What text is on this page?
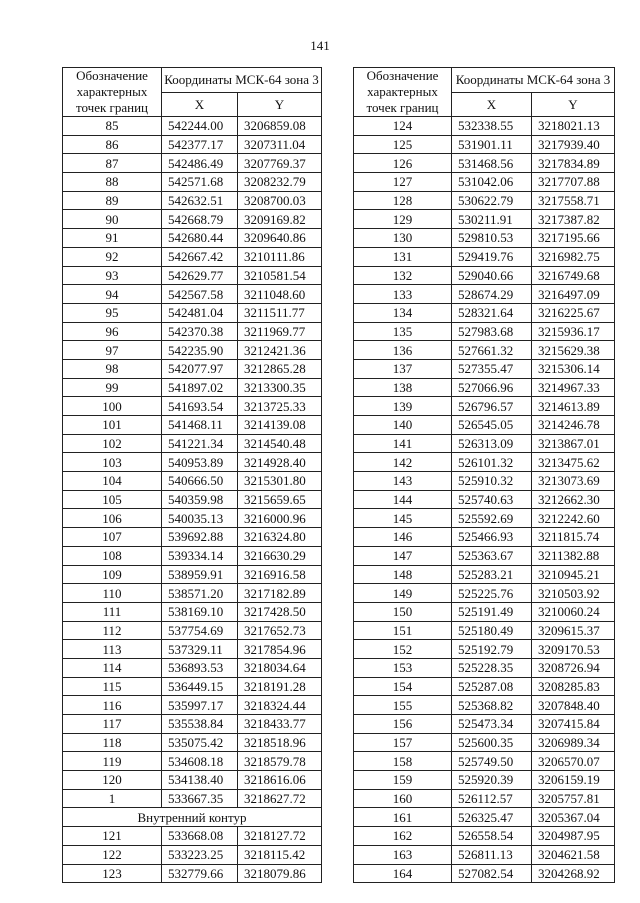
141
Обозначение характерных точек границ	Координаты МСК-64 зона 3	
	X	Y
85	542244.00	3206859.08
86	542377.17	3207311.04
87	542486.49	3207769.37
88	542571.68	3208232.79
89	542632.51	3208700.03
90	542668.79	3209169.82
91	542680.44	3209640.86
92	542667.42	3210111.86
93	542629.77	3210581.54
94	542567.58	3211048.60
95	542481.04	3211511.77
96	542370.38	3211969.77
97	542235.90	3212421.36
98	542077.97	3212865.28
99	541897.02	3213300.35
100	541693.54	3213725.33
101	541468.11	3214139.08
102	541221.34	3214540.48
103	540953.89	3214928.40
104	540666.50	3215301.80
105	540359.98	3215659.65
106	540035.13	3216000.96
107	539692.88	3216324.80
108	539334.14	3216630.29
109	538959.91	3216916.58
110	538571.20	3217182.89
111	538169.10	3217428.50
112	537754.69	3217652.73
113	537329.11	3217854.96
114	536893.53	3218034.64
115	536449.15	3218191.28
116	535997.17	3218324.44
117	535538.84	3218433.77
118	535075.42	3218518.96
119	534608.18	3218579.78
120	534138.40	3218616.06
1	533667.35	3218627.72
Внутренний контур		
121	533668.08	3218127.72
122	533223.25	3218115.42
123	532779.66	3218079.86
Обозначение характерных точек границ	Координаты МСК-64 зона 3	
	X	Y
124	532338.55	3218021.13
125	531901.11	3217939.40
126	531468.56	3217834.89
127	531042.06	3217707.88
128	530622.79	3217558.71
129	530211.91	3217387.82
130	529810.53	3217195.66
131	529419.76	3216982.75
132	529040.66	3216749.68
133	528674.29	3216497.09
134	528321.64	3216225.67
135	527983.68	3215936.17
136	527661.32	3215629.38
137	527355.47	3215306.14
138	527066.96	3214967.33
139	526796.57	3214613.89
140	526545.05	3214246.78
141	526313.09	3213867.01
142	526101.32	3213475.62
143	525910.32	3213073.69
144	525740.63	3212662.30
145	525592.69	3212242.60
146	525466.93	3211815.74
147	525363.67	3211382.88
148	525283.21	3210945.21
149	525225.76	3210503.92
150	525191.49	3210060.24
151	525180.49	3209615.37
152	525192.79	3209170.53
153	525228.35	3208726.94
154	525287.08	3208285.83
155	525368.82	3207848.40
156	525473.34	3207415.84
157	525600.35	3206989.34
158	525749.50	3206570.07
159	525920.39	3206159.19
160	526112.57	3205757.81
161	526325.47	3205367.04
162	526558.54	3204987.95
163	526811.13	3204621.58
164	527082.54	3204268.92
